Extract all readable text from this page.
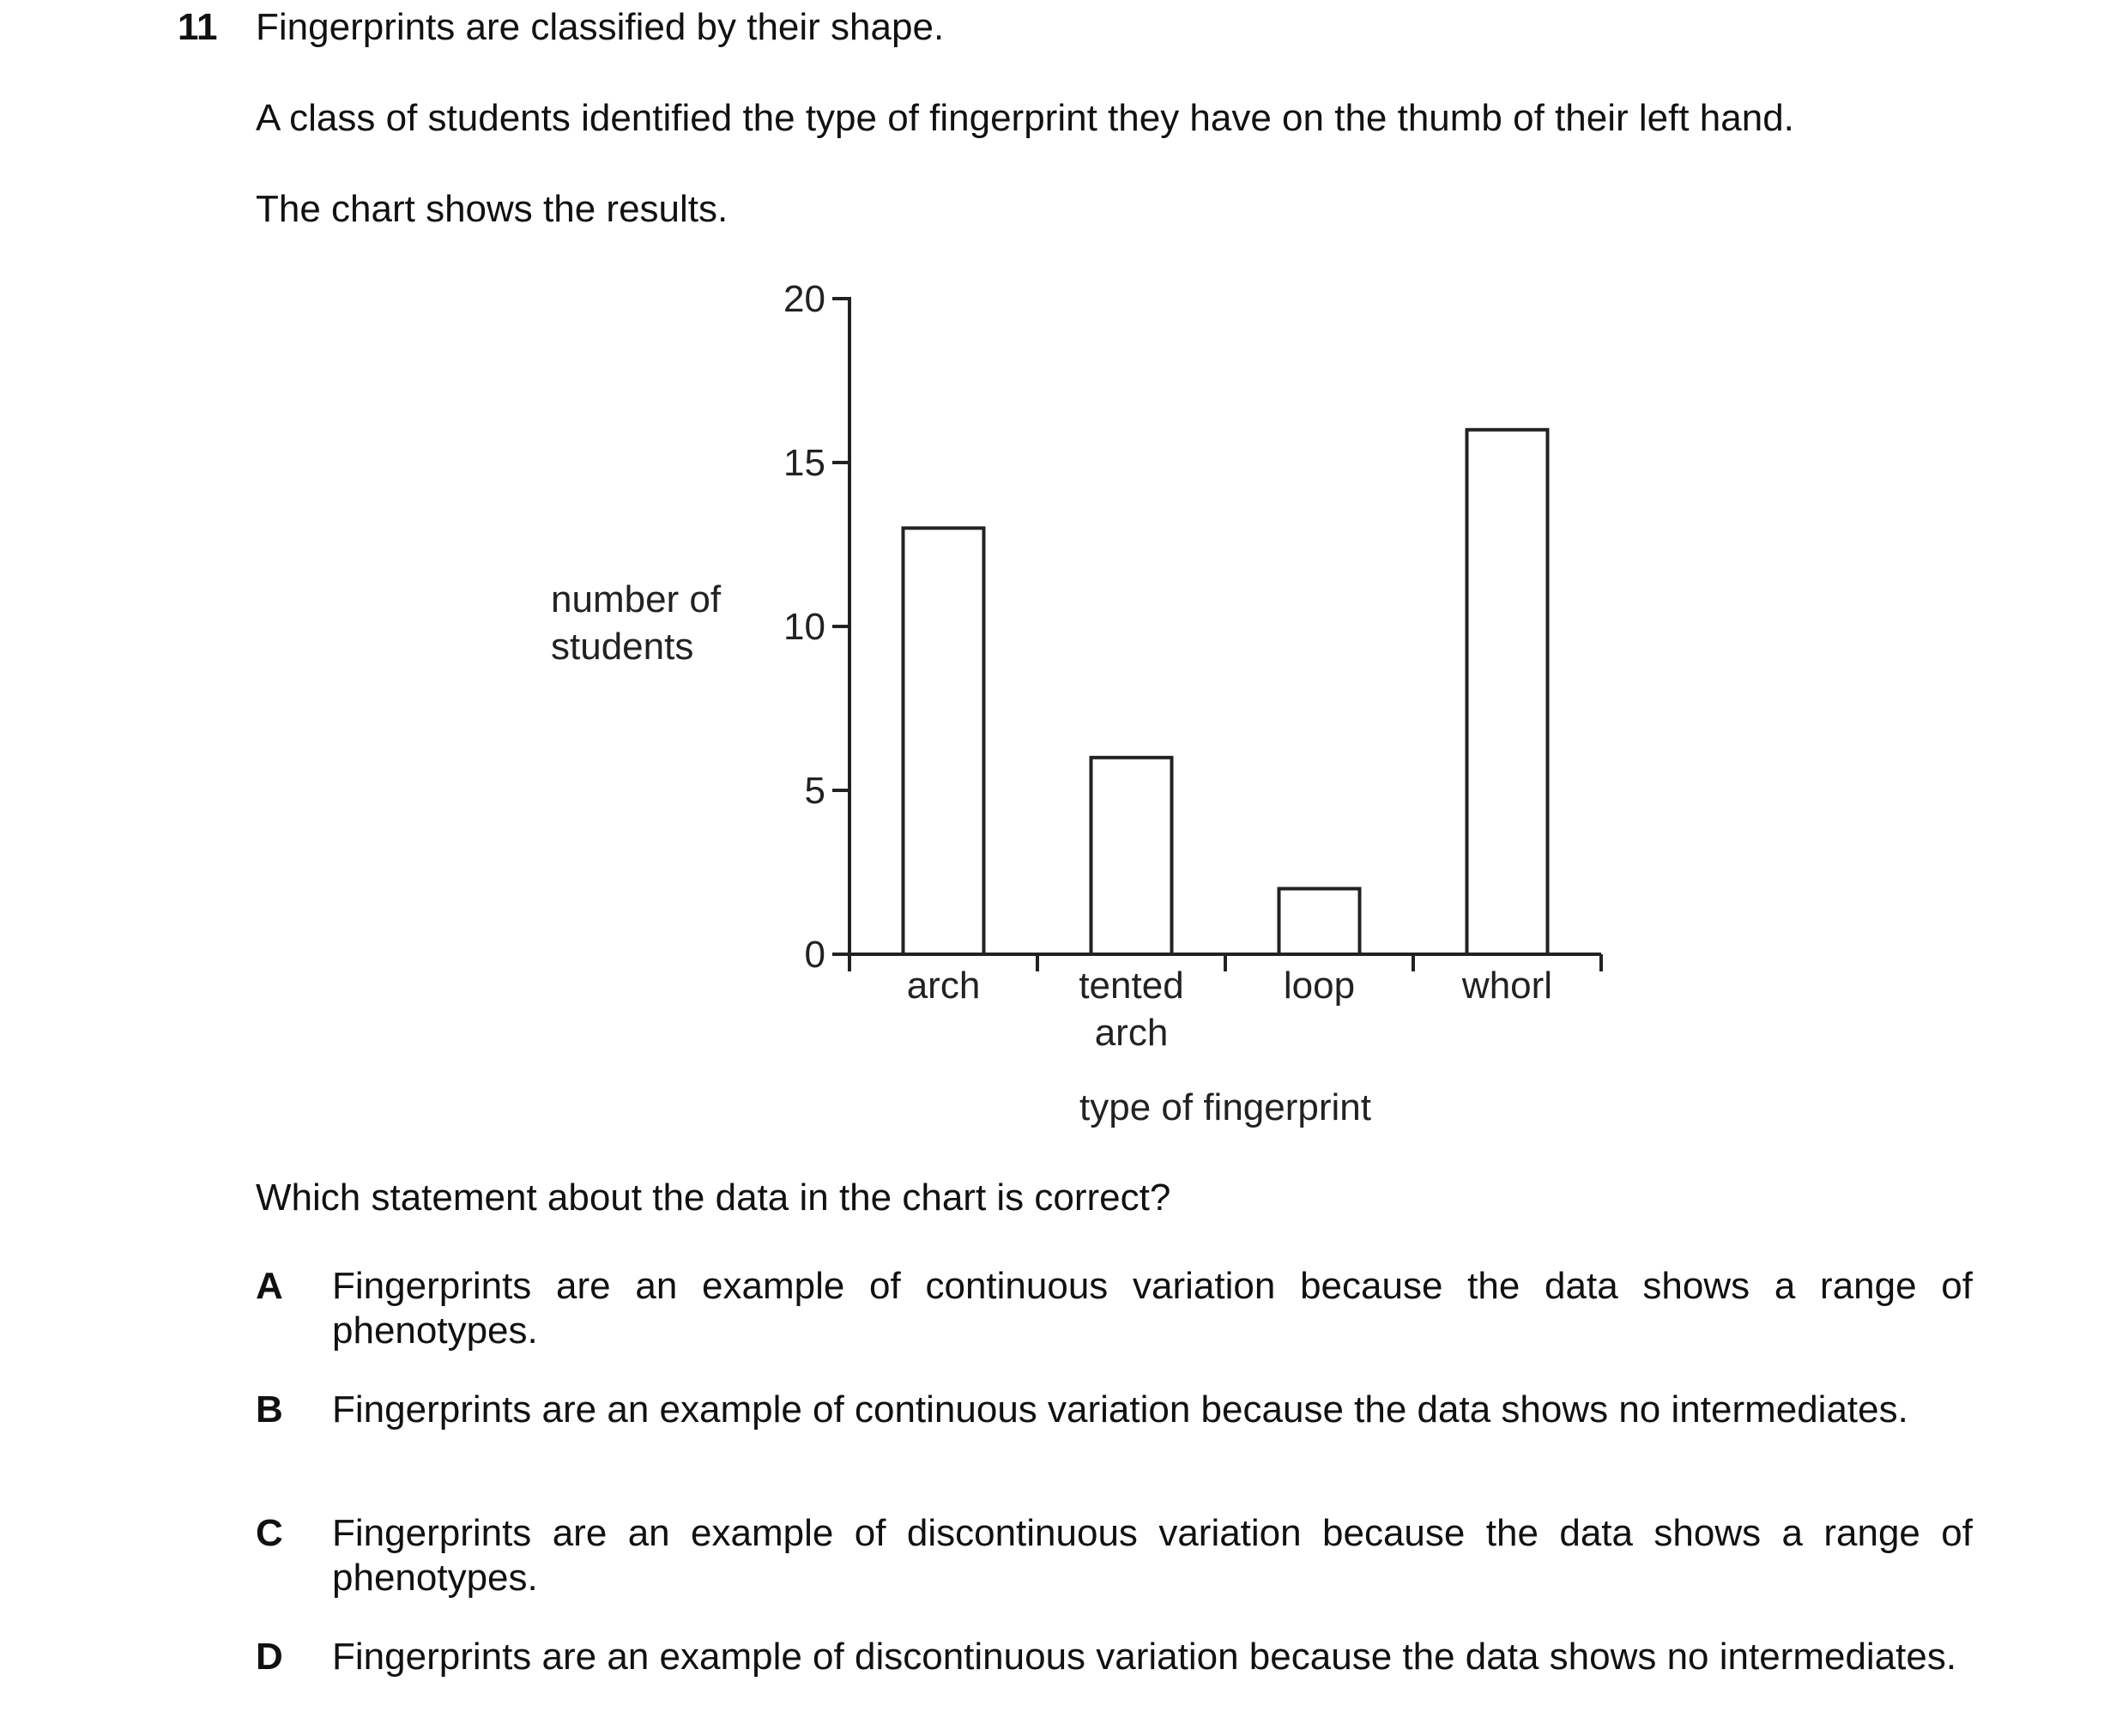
11 Fingerprints are classified by their shape.
A class of students identified the type of fingerprint they have on the thumb of their left hand.
The chart shows the results.
number of
students
0
5
10
15
20
arch	tented
arch
loop	whorl
type of fingerprint
Which statement about the data in the chart is correct?
A Fingerprints are an example of continuous variation because the data shows a range of phenotypes.
B Fingerprints are an example of continuous variation because the data shows no intermediates.
C Fingerprints are an example of discontinuous variation because the data shows a range of phenotypes.
D Fingerprints are an example of discontinuous variation because the data shows no intermediates.
